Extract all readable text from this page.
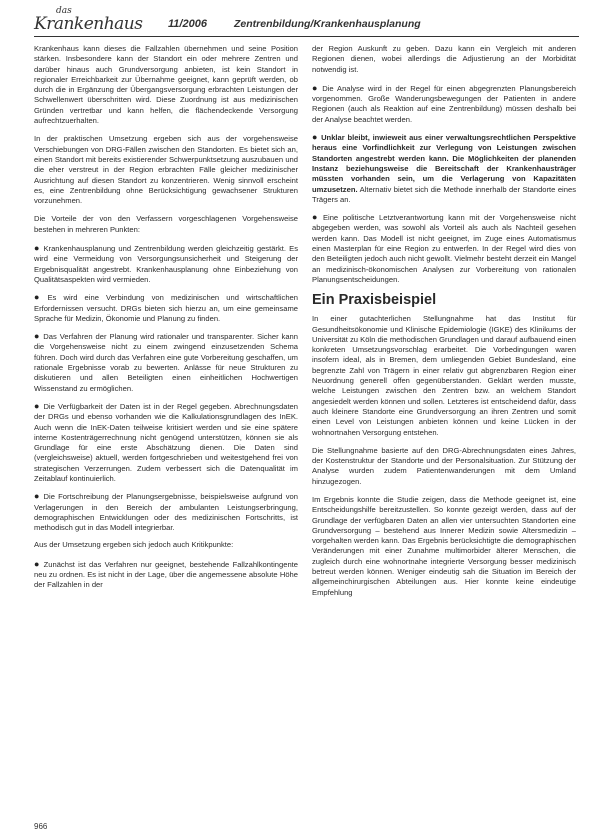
das
Krankenhaus 11/2006	Zentrenbildung/Krankenhausplanung

Krankenhaus kann dieses die Fallzahlen übernehmen und seine Position stärken. Insbesondere kann der Standort ein oder mehrere Zentren und darüber hinaus auch Grundversorgung anbieten, ist kein Standort in regionaler Erreichbarkeit zur Übernahme geeignet, kann geprüft werden, ob durch die in Ergänzung der Übergangsversorgung erbrachten Leistungen der Schwellenwert überschritten wird. Diese Zuordnung ist aus medizinischen Gründen vertretbar und kann helfen, die flächendeckende Versorgung aufrechtzuerhalten.

In der praktischen Umsetzung ergeben sich aus der vorgehensweise Verschiebungen von DRG-Fällen zwischen den Standorten. Es bietet sich an, einen Standort mit bereits existierender Schwerpunktsetzung auszubauen und die eher verstreut in der Region erbrachten Fälle gleicher medizinischer Ausrichtung auf diesen Standort zu konzentrieren. Wenig sinnvoll erscheint es, eine Zentrenbildung ohne Berücksichtigung gewachsener Strukturen vorzunehmen.

Die Vorteile der von den Verfassern vorgeschlagenen Vorgehensweise bestehen in mehreren Punkten:

● Krankenhausplanung und Zentrenbildung werden gleichzeitig gestärkt. Es wird eine Vermeidung von Versorgungsunsicherheit und Steigerung der Ergebnisqualität angestrebt. Krankenhausplanung ohne Einbeziehung von Qualitätsaspekten wird vermieden.
● Es wird eine Verbindung von medizinischen und wirtschaftlichen Erfordernissen versucht. DRGs bieten sich hierzu an, um eine gemeinsame Sprache für Medizin, Ökonomie und Planung zu finden.
● Das Verfahren der Planung wird rationaler und transparenter. Sicher kann die Vorgehensweise nicht zu einem zwingend einzusetzenden Schema führen. Doch wird durch das Verfahren eine gute Vorbereitung geschaffen, um rationale Ergebnisse vorab zu bewerten. Anlässe für neue Strukturen zu diskutieren und allen Beteiligten einen einheitlichen Hochwertigen Wissenstand zu ermöglichen.
● Die Verfügbarkeit der Daten ist in der Regel gegeben. Abrechnungsdaten der DRGs und ebenso vorhanden wie die Kalkulationsgrundlagen des InEK. Auch wenn die InEK-Daten teilweise kritisiert werden und sie eine spätere interne Kostenträgerrechnung nicht genügend unterstützen, können sie als Grundlage für eine erste Abschätzung dienen. Die Daten sind (vergleichsweise) aktuell, werden fortgeschrieben und weitestgehend frei von strategischen Verzerrungen. Zudem verbessert sich die Datenqualität im Zeitablauf kontinuierlich.
● Die Fortschreibung der Planungsergebnisse, beispielsweise aufgrund von Verlagerungen in den Bereich der ambulanten Leistungserbringung, demographischen Entwicklungen oder des medizinischen Fortschritts, ist methodisch gut in das Modell integrierbar.

Aus der Umsetzung ergeben sich jedoch auch Kritikpunkte:

● Zunächst ist das Verfahren nur geeignet, bestehende Fallzahlkontingente neu zu ordnen. Es ist nicht in der Lage, über die angemessene absolute Höhe der Fallzahlen in der

der Region Auskunft zu geben. Dazu kann ein Vergleich mit anderen Regionen dienen, wobei allerdings die Adjustierung an der Morbidität notwendig ist.

● Die Analyse wird in der Regel für einen abgegrenzten Planungsbereich vorgenommen. Große Wanderungsbewegungen der Patienten in andere Regionen (auch als Reaktion auf eine Zentrenbildung) müssen deshalb bei der Analyse beachtet werden.
● Unklar bleibt, inwieweit aus einer verwaltungsrechtlichen Perspektive heraus eine Vorfindlichkeit zur Verlegung von Leistungen zwischen Standorten angestrebt werden kann. Die Möglichkeiten der planenden Instanz beziehungsweise die Bereitschaft der Krankenhausträger müssten vorhanden sein, um die Verlagerung von Kapazitäten umzusetzen. Alternativ bietet sich die Methode innerhalb der Standorte eines Trägers an.
● Eine politische Letztverantwortung kann mit der Vorgehensweise nicht abgegeben werden, was sowohl als Vorteil als auch als Nachteil gesehen werden kann. Das Modell ist nicht geeignet, im Zuge eines Automatismus einen Masterplan für eine Region zu entwerfen. In der Regel wird dies von den Beteiligten jedoch auch nicht gewollt. Vielmehr besteht derzeit ein Mangel an medizinisch-ökonomischen Analysen zur Vorbereitung von rationalen Planungsentscheidungen.
Ein Praxisbeispiel

In einer gutachterlichen Stellungnahme hat das Institut für Gesundheitsökonomie und Klinische Epidemiologie (IGKE) des Klinikums der Universität zu Köln die methodischen Grundlagen und darauf aufbauend einen konkreten Umsetzungsvorschlag erarbeitet. Die Vorbedingungen waren insofern ideal, als in Bremen, dem umliegenden Gebiet Bundesland, eine begrenzte Zahl von Trägern in einer relativ gut abgrenzbaren Region einer Neuordnung generell offen gegenüberstanden. Geklärt werden musste, welche Leistungen zwischen den Zentren bzw. an welchem Standort angesiedelt werden können und sollen. Letzteres ist entscheidend dafür, dass auch kleinere Standorte eine Grundversorgung an ihren Zentren und somit einen Level von Leistungen anbieten können und keine Lücken in der wohnortnahen Versorgung entstehen.

Die Stellungnahme basierte auf den DRG-Abrechnungsdaten eines Jahres, der Kostenstruktur der Standorte und der Personalsituation. Zur Stützung der Analyse wurden zudem Patientenwanderungen mit dem Umland hinzugezogen.

Im Ergebnis konnte die Studie zeigen, dass die Methode geeignet ist, eine Entscheidungshilfe bereitzustellen. So konnte gezeigt werden, dass auf der Grundlage der verfügbaren Daten an allen vier untersuchten Standorten eine Grundversorgung – bestehend aus Innerer Medizin sowie Altersmedizin – vorgehalten werden kann. Das Ergebnis berücksichtigte die demographischen Veränderungen mit einer Zunahme multimorbider älterer Menschen, die zugleich durch eine wohnortnahe integrierte Versorgung besser medizinisch betreut werden können. Weniger eindeutig sah die Situation im Bereich der allgemeinchirurgischen Abteilungen aus. Hier konnte keine eindeutige Empfehlung

966
